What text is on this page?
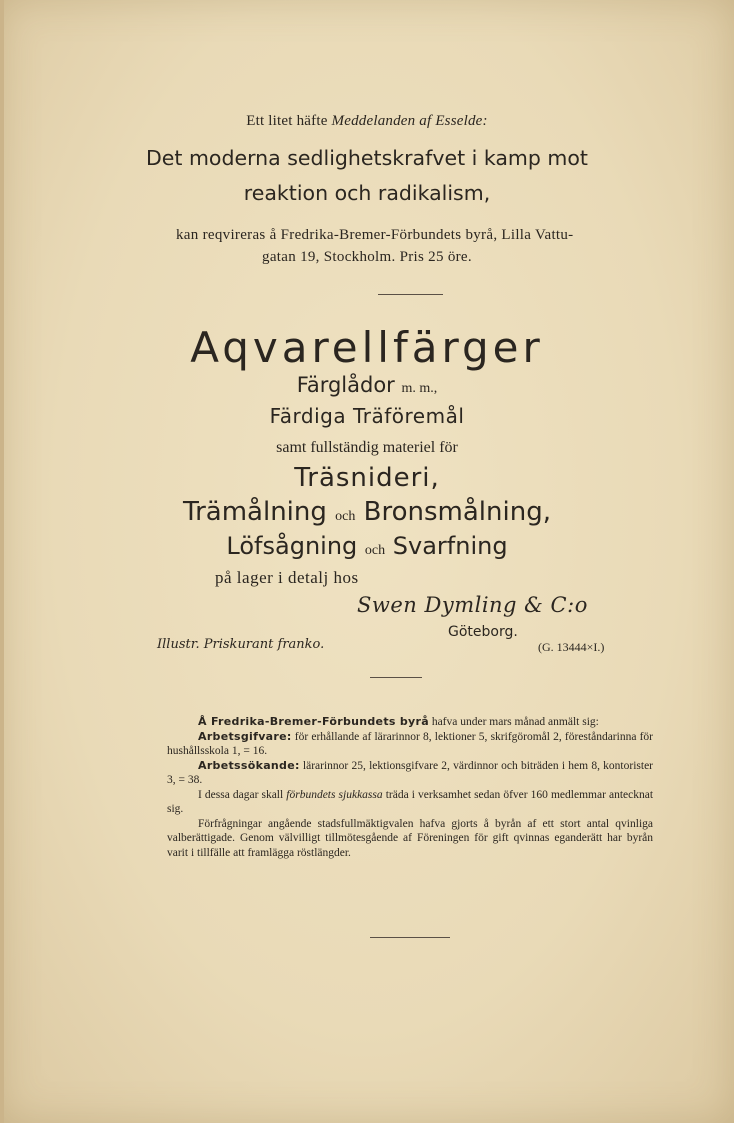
Ett litet häfte Meddelanden af Esselde:
Det moderna sedlighetskrafvet i kamp mot
reaktion och radikalism,
kan reqvireras å Fredrika-Bremer-Förbundets byrå, Lilla Vattu-
gatan 19, Stockholm. Pris 25 öre.
Aqvarellfärger
Färglådor m. m.,
Färdiga Träföremål
samt fullständig materiel för
Träsnideri,
Trämålning och Bronsmålning,
Löfsågning och Svarfning
på lager i detalj hos
Swen Dymling & C:o
Göteborg.
Illustr. Priskurant franko.	(G. 13444×I.)

Å Fredrika-Bremer-Förbundets byrå hafva under mars månad anmält sig:

Arbetsgifvare: för erhållande af lärarinnor 8, lektioner 5, skrifgöromål 2, föreståndarinna för hushållsskola 1, = 16.

Arbetssökande: lärarinnor 25, lektionsgifvare 2, värdinnor och biträden i hem 8, kontorister 3, = 38.

I dessa dagar skall förbundets sjukkassa träda i verksamhet sedan öfver 160 medlemmar antecknat sig.

Förfrågningar angående stadsfullmäktigvalen hafva gjorts å byrån af ett stort antal qvinliga valberättigade. Genom välvilligt tillmötesgående af Föreningen för gift qvinnas eganderätt har byrån varit i tillfälle att framlägga röstlängder.
